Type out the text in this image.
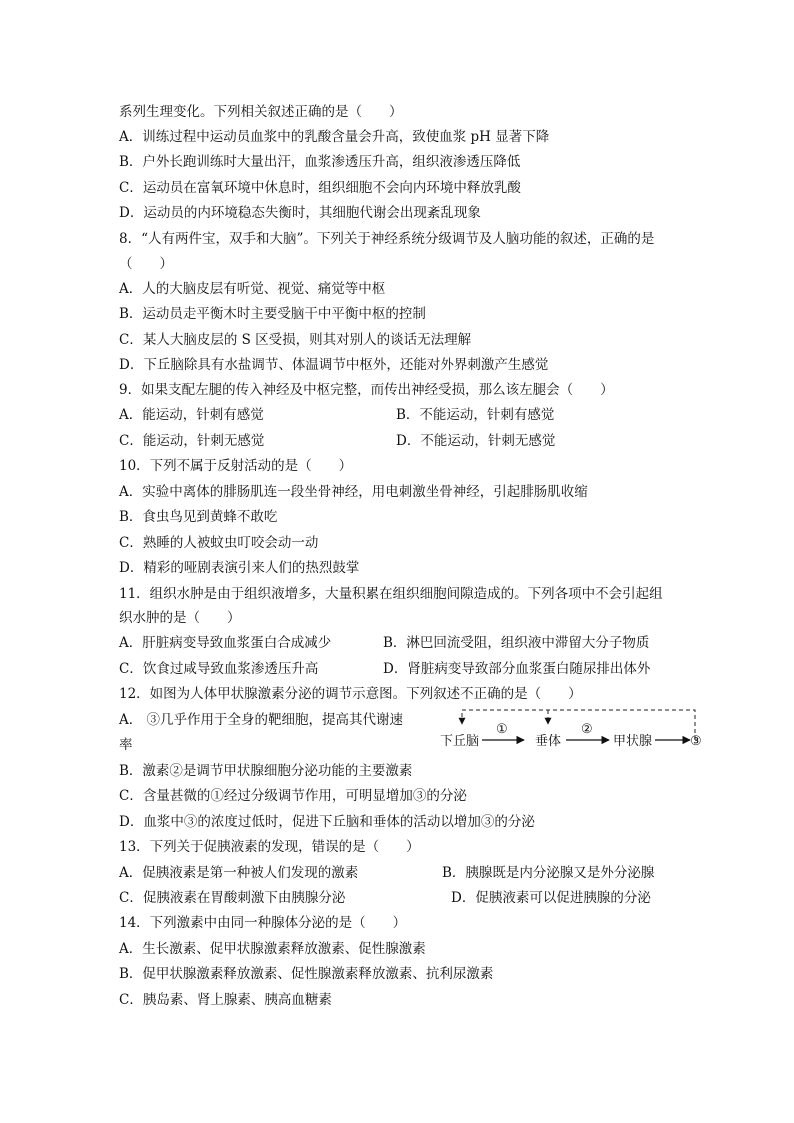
系列生理变化。下列相关叙述正确的是（　　）
A．训练过程中运动员血浆中的乳酸含量会升高，致使血浆 pH 显著下降
B．户外长跑训练时大量出汗，血浆渗透压升高，组织液渗透压降低
C．运动员在富氧环境中休息时，组织细胞不会向内环境中释放乳酸
D．运动员的内环境稳态失衡时，其细胞代谢会出现紊乱现象
8．“人有两件宝，双手和大脑”。下列关于神经系统分级调节及人脑功能的叙述，正确的是
（　　）
A．人的大脑皮层有听觉、视觉、痛觉等中枢
B．运动员走平衡木时主要受脑干中平衡中枢的控制
C．某人大脑皮层的 S 区受损，则其对别人的谈话无法理解
D．下丘脑除具有水盐调节、体温调节中枢外，还能对外界刺激产生感觉
9．如果支配左腿的传入神经及中枢完整，而传出神经受损，那么该左腿会（　　）
A．能运动，针刺有感觉	B．不能运动，针刺有感觉
C．能运动，针刺无感觉	D．不能运动，针刺无感觉
10．下列不属于反射活动的是（　　）
A．实验中离体的腓肠肌连一段坐骨神经，用电刺激坐骨神经，引起腓肠肌收缩
B．食虫鸟见到黄蜂不敢吃
C．熟睡的人被蚊虫叮咬会动一动
D．精彩的哑剧表演引来人们的热烈鼓掌
11．组织水肿是由于组织液增多，大量积累在组织细胞间隙造成的。下列各项中不会引起组
织水肿的是（　　）
A．肝脏病变导致血浆蛋白合成减少	B．淋巴回流受阻，组织液中滞留大分子物质
C．饮食过咸导致血浆渗透压升高	D．肾脏病变导致部分血浆蛋白随尿排出体外
12．如图为人体甲状腺激素分泌的调节示意图。下列叙述不正确的是（　　）
A． ③几乎作用于全身的靶细胞，提高其代谢速
率	下丘脑
①
垂体
②
甲状腺	③
B．激素②是调节甲状腺细胞分泌功能的主要激素
C．含量甚微的①经过分级调节作用，可明显增加③的分泌
D．血浆中③的浓度过低时，促进下丘脑和垂体的活动以增加③的分泌
13．下列关于促胰液素的发现，错误的是（　　）
A．促胰液素是第一种被人们发现的激素	B．胰腺既是内分泌腺又是外分泌腺
C．促胰液素在胃酸刺激下由胰腺分泌	D．促胰液素可以促进胰腺的分泌
14．下列激素中由同一种腺体分泌的是（　　）
A．生长激素、促甲状腺激素释放激素、促性腺激素
B．促甲状腺激素释放激素、促性腺激素释放激素、抗利尿激素
C．胰岛素、肾上腺素、胰高血糖素
